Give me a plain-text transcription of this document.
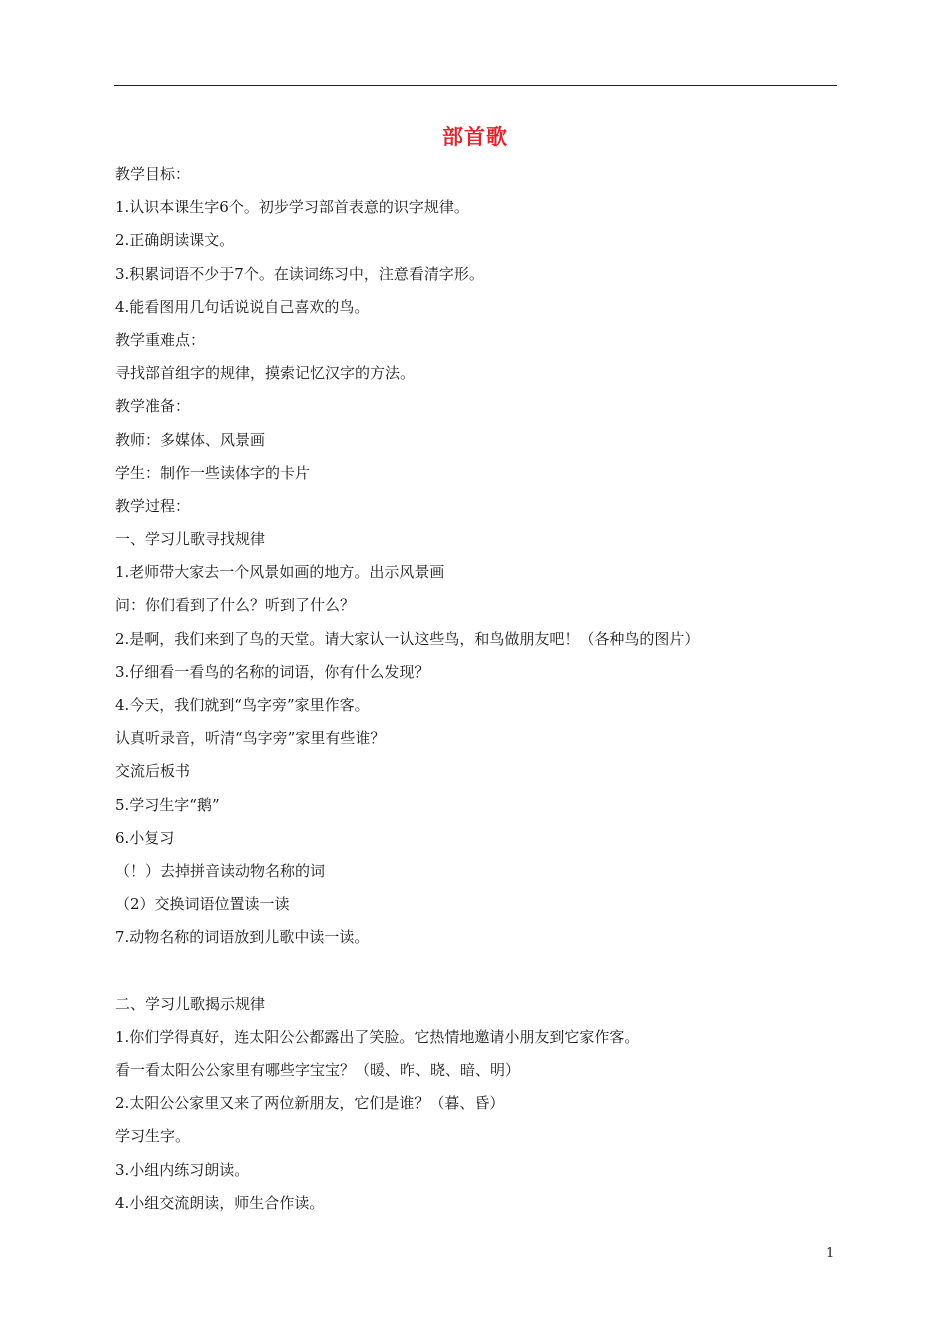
部首歌
教学目标：
1.认识本课生字6个。初步学习部首表意的识字规律。
2.正确朗读课文。
3.积累词语不少于7个。在读词练习中，注意看清字形。
4.能看图用几句话说说自己喜欢的鸟。
教学重难点：
寻找部首组字的规律，摸索记忆汉字的方法。
教学准备：
教师：多媒体、风景画
学生：制作一些读体字的卡片
教学过程：
一、学习儿歌寻找规律
1.老师带大家去一个风景如画的地方。出示风景画
问：你们看到了什么？听到了什么？
2.是啊，我们来到了鸟的天堂。请大家认一认这些鸟，和鸟做朋友吧！（各种鸟的图片）
3.仔细看一看鸟的名称的词语，你有什么发现？
4.今天，我们就到“鸟字旁”家里作客。
认真听录音，听清“鸟字旁”家里有些谁？
交流后板书
5.学习生字“鹅”
6.小复习
（！）去掉拼音读动物名称的词
（2）交换词语位置读一读
7.动物名称的词语放到儿歌中读一读。
二、学习儿歌揭示规律
1.你们学得真好，连太阳公公都露出了笑脸。它热情地邀请小朋友到它家作客。
看一看太阳公公家里有哪些字宝宝？（暖、昨、晓、暗、明）
2.太阳公公家里又来了两位新朋友，它们是谁？（暮、昏）
学习生字。
3.小组内练习朗读。
4.小组交流朗读，师生合作读。
1
